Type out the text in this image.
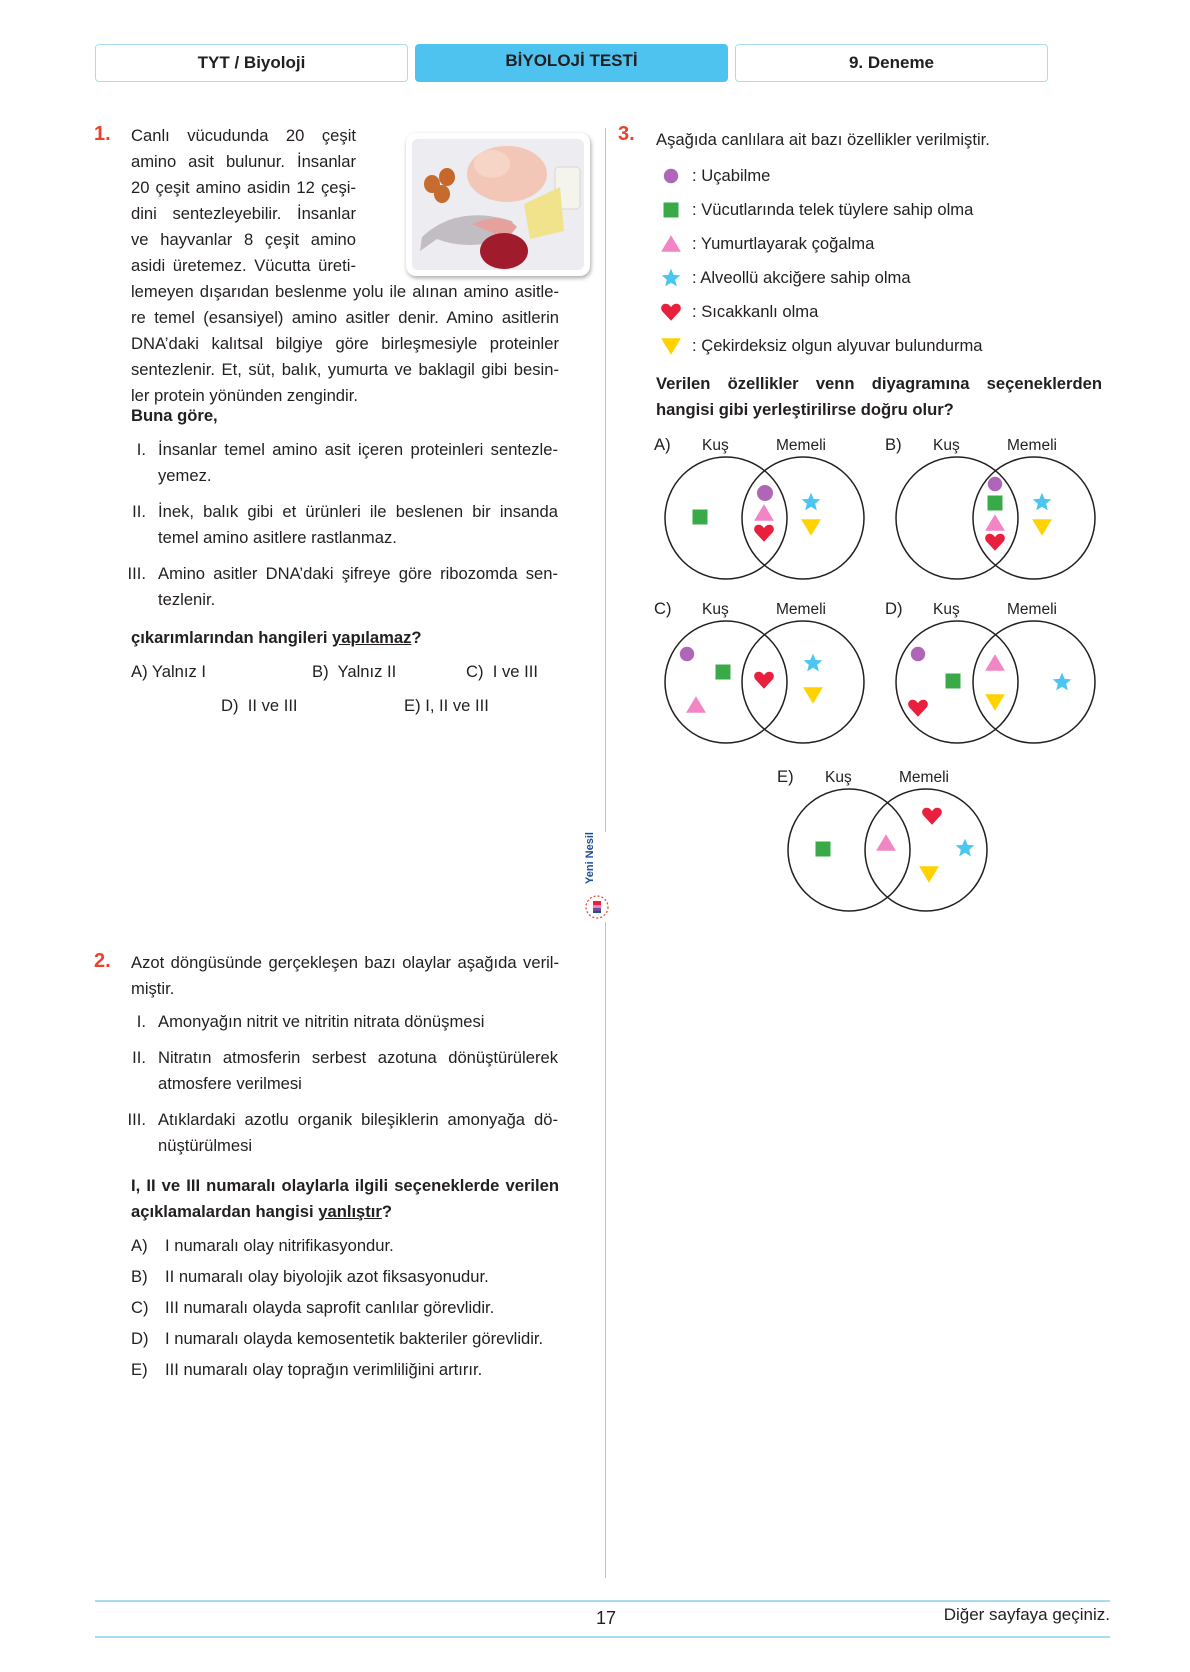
TYT / Biyoloji	BİYOLOJİ TESTİ	9. Deneme
1. Canlı vücudunda 20 çeşit
amino asit bulunur. İnsanlar
20 çeşit amino asidin 12 çeşi-
dini sentezleyebilir. İnsanlar
ve hayvanlar 8 çeşit amino
asidi üretemez. Vücutta üreti-
lemeyen dışarıdan beslenme yolu ile alınan amino asitle-
re temel (esansiyel) amino asitler denir. Amino asitlerin
DNA’daki kalıtsal bilgiye göre birleşmesiyle proteinler
sentezlenir. Et, süt, balık, yumurta ve baklagil gibi besin-
ler protein yönünden zengindir.
Buna göre,
I. İnsanlar temel amino asit içeren proteinleri sentezle-
yemez.
II. İnek, balık gibi et ürünleri ile beslenen bir insanda
temel amino asitlere rastlanmaz.
III. Amino asitler DNA’daki şifreye göre ribozomda sen-
tezlenir.
çıkarımlarından hangileri yapılamaz?
A) Yalnız I	B) Yalnız II	C) I ve III
D) II ve III	E) I, II ve III
Yeni Nesil
2. Azot döngüsünde gerçekleşen bazı olaylar aşağıda veril-
miştir.
I. Amonyağın nitrit ve nitritin nitrata dönüşmesi
II. Nitratın atmosferin serbest azotuna dönüştürülerek
atmosfere verilmesi
III. Atıklardaki azotlu organik bileşiklerin amonyağa dö-
nüştürülmesi
I, II ve III numaralı olaylarla ilgili seçeneklerde verilen
açıklamalardan hangisi yanlıştır?
A) I numaralı olay nitrifikasyondur.
B) II numaralı olay biyolojik azot fiksasyonudur.
C) III numaralı olayda saprofit canlılar görevlidir.
D) I numaralı olayda kemosentetik bakteriler görevlidir.
E) III numaralı olay toprağın verimliliğini artırır.
3. Aşağıda canlılara ait bazı özellikler verilmiştir.
: Uçabilme
: Vücutlarında telek tüylere sahip olma
: Yumurtlayarak çoğalma
: Alveollü akciğere sahip olma
: Sıcakkanlı olma
: Çekirdeksiz olgun alyuvar bulundurma
Verilen özellikler venn diyagramına seçeneklerden
hangisi gibi yerleştirilirse doğru olur?
A) Kuş	Memeli	B) Kuş	Memeli
C) Kuş	Memeli	D) Kuş	Memeli
E) Kuş	Memeli
17	Diğer sayfaya geçiniz.
